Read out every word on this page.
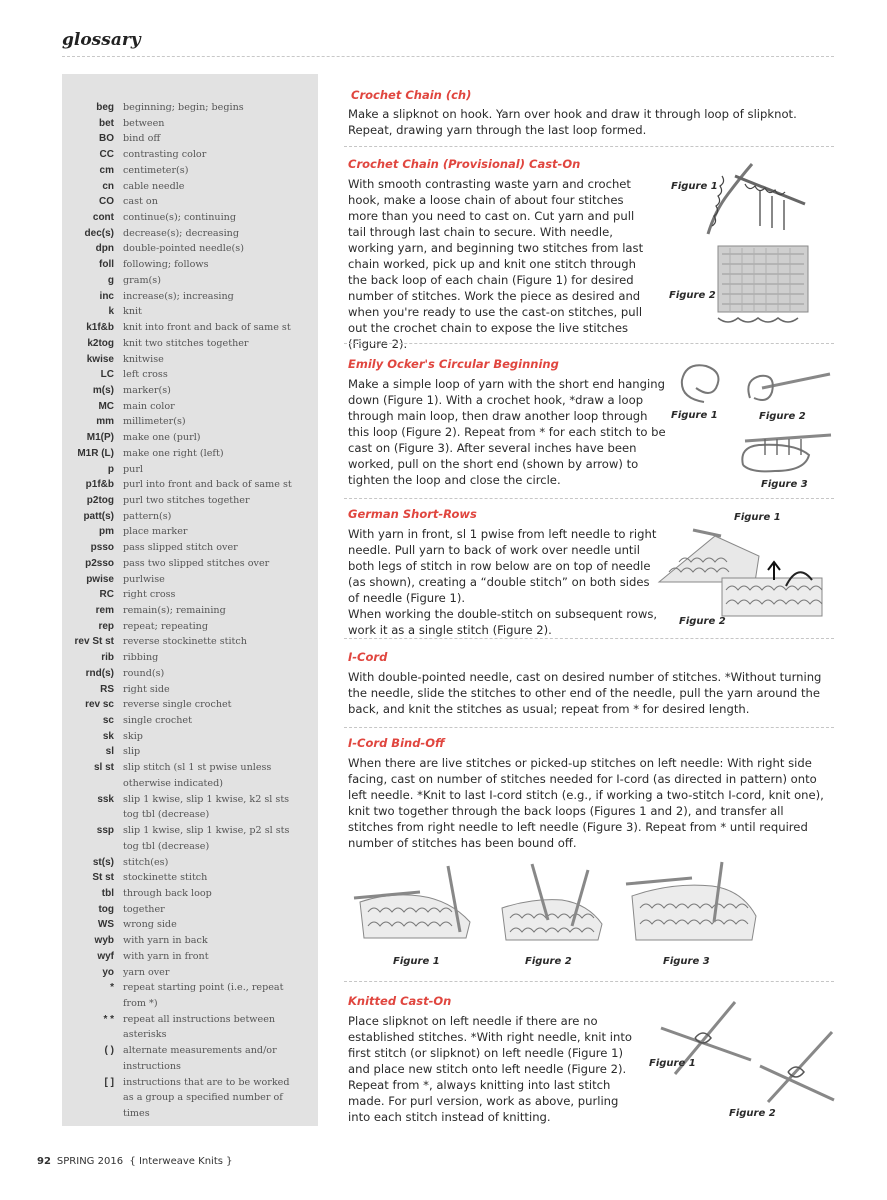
glossary
beg beginning; begin; begins
bet between
BO bind off
CC contrasting color
cm centimeter(s)
cn cable needle
CO cast on
cont continue(s); continuing
dec(s) decrease(s); decreasing
dpn double-pointed needle(s)
foll following; follows
g gram(s)
inc increase(s); increasing
k knit
k1f&b knit into front and back of same st
k2tog knit two stitches together
kwise knitwise
LC left cross
m(s) marker(s)
MC main color
mm millimeter(s)
M1(P) make one (purl)
M1R (L) make one right (left)
p purl
p1f&b purl into front and back of same st
p2tog purl two stitches together
patt(s) pattern(s)
pm place marker
psso pass slipped stitch over
p2sso pass two slipped stitches over
pwise purlwise
RC right cross
rem remain(s); remaining
rep repeat; repeating
rev St st reverse stockinette stitch
rib ribbing
rnd(s) round(s)
RS right side
rev sc reverse single crochet
sc single crochet
sk skip
sl slip
sl st slip stitch (sl 1 st pwise unless otherwise indicated)
ssk slip 1 kwise, slip 1 kwise, k2 sl sts tog tbl (decrease)
ssp slip 1 kwise, slip 1 kwise, p2 sl sts tog tbl (decrease)
st(s) stitch(es)
St st stockinette stitch
tbl through back loop
tog together
WS wrong side
wyb with yarn in back
wyf with yarn in front
yo yarn over
* repeat starting point (i.e., repeat from *)
* * repeat all instructions between asterisks
( ) alternate measurements and/or instructions
[ ] instructions that are to be worked as a group a specified number of times
Crochet Chain (ch)
Make a slipknot on hook. Yarn over hook and draw it through loop of slipknot. Repeat, drawing yarn through the last loop formed.
Crochet Chain (Provisional) Cast-On
With smooth contrasting waste yarn and crochet hook, make a loose chain of about four stitches more than you need to cast on. Cut yarn and pull tail through last chain to secure. With needle, working yarn, and beginning two stitches from last chain worked, pick up and knit one stitch through the back loop of each chain (Figure 1) for desired number of stitches. Work the piece as desired and when you're ready to use the cast-on stitches, pull out the crochet chain to expose the live stitches (Figure 2).
Figure 1
Figure 2
Emily Ocker's Circular Beginning
Make a simple loop of yarn with the short end hanging down (Figure 1). With a crochet hook, *draw a loop through main loop, then draw another loop through this loop (Figure 2). Repeat from * for each stitch to be cast on (Figure 3). After several inches have been worked, pull on the short end (shown by arrow) to tighten the loop and close the circle.
Figure 1	Figure 2
Figure 3
German Short-Rows
With yarn in front, sl 1 pwise from left needle to right needle. Pull yarn to back of work over needle until both legs of stitch in row below are on top of needle (as shown), creating a “double stitch” on both sides of needle (Figure 1).
When working the double-stitch on subsequent rows, work it as a single stitch (Figure 2).
Figure 1
Figure 2
I-Cord
With double-pointed needle, cast on desired number of stitches. *Without turning the needle, slide the stitches to other end of the needle, pull the yarn around the back, and knit the stitches as usual; repeat from * for desired length.
I-Cord Bind-Off
When there are live stitches or picked-up stitches on left needle: With right side facing, cast on number of stitches needed for I-cord (as directed in pattern) onto left needle. *Knit to last I-cord stitch (e.g., if working a two-stitch I-cord, knit one), knit two together through the back loops (Figures 1 and 2), and transfer all stitches from right needle to left needle (Figure 3). Repeat from * until required number of stitches has been bound off.
Figure 1	Figure 2	Figure 3
Knitted Cast-On
Place slipknot on left needle if there are no established stitches. *With right needle, knit into first stitch (or slipknot) on left needle (Figure 1) and place new stitch onto left needle (Figure 2). Repeat from *, always knitting into last stitch made. For purl version, work as above, purling into each stitch instead of knitting.
Figure 1
Figure 2
92 SPRING 2016 { Interweave Knits }
